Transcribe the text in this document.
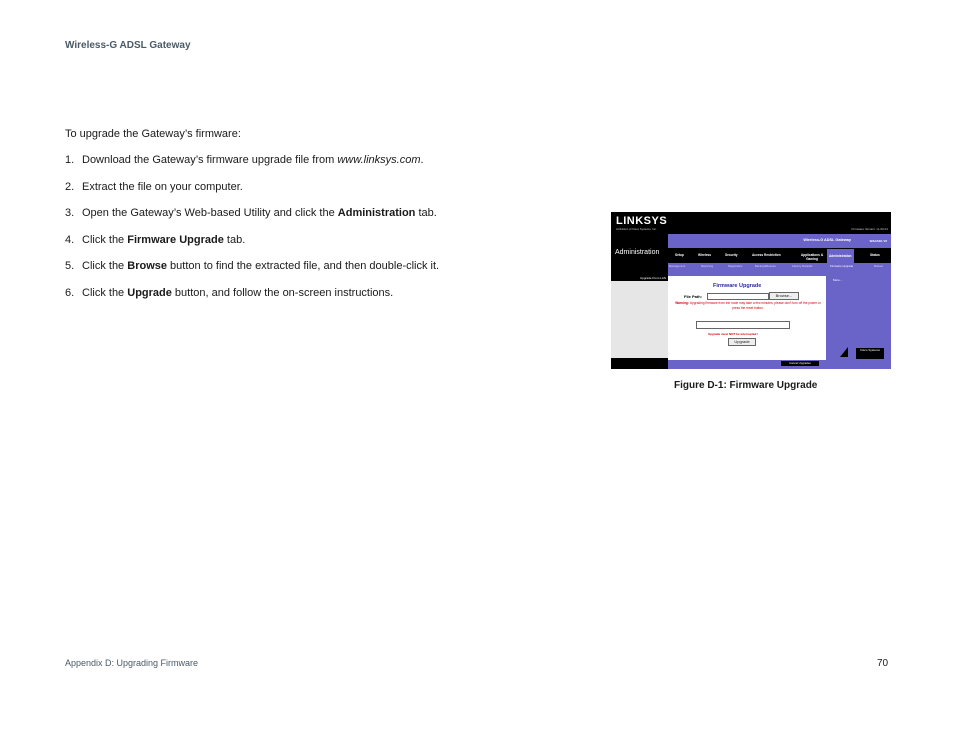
Wireless-G ADSL Gateway
To upgrade the Gateway’s firmware:
1. Download the Gateway’s firmware upgrade file from www.linksys.com.
2. Extract the file on your computer.
3. Open the Gateway’s Web-based Utility and click the Administration tab.
4. Click the Firmware Upgrade tab.
5. Click the Browse button to find the extracted file, and then double-click it.
6. Click the Upgrade button, and follow the on-screen instructions.
LINKSYS
A Division of Cisco Systems, Inc.	Firmware Version: v1.00.01
Administration
Wireless-G ADSL Gateway	WAG54G V2
Setup	Wireless	Security	Access Restriction	Applications & Gaming
Administration	Status
Management	Reporting	Diagnostics	Backup&Restore	Factory Defaults	Firmware Upgrade	Reboot
Upgrade From LAN
Firmware Upgrade
File Path:	Browse...
Warning: Upgrading firmware from tne node may take a few minutes, please don't turn off the power or press the reset button.
Upgrade must NOT be interrupted !
Upgrade
Cancel Upgrades
More...
Cisco Systems
Figure D-1: Firmware Upgrade
Appendix D: Upgrading Firmware	70
